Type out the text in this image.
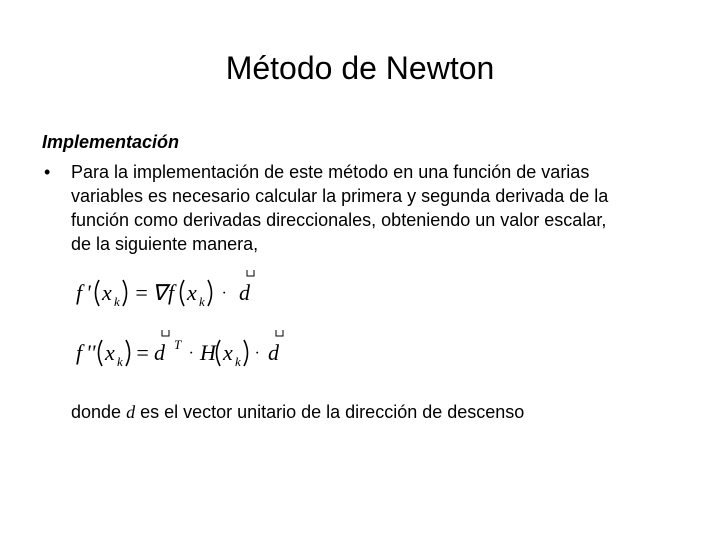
Método de Newton
Implementación
• Para la implementación de este método en una función de varias
variables es necesario calcular la primera y segunda derivada de la
función como derivadas direccionales, obteniendo un valor escalar,
de la siguiente manera,
f ' x k = ∇ f x k · d
f '' x k = d T
· H x k · d
donde d es el vector unitario de la dirección de descenso
